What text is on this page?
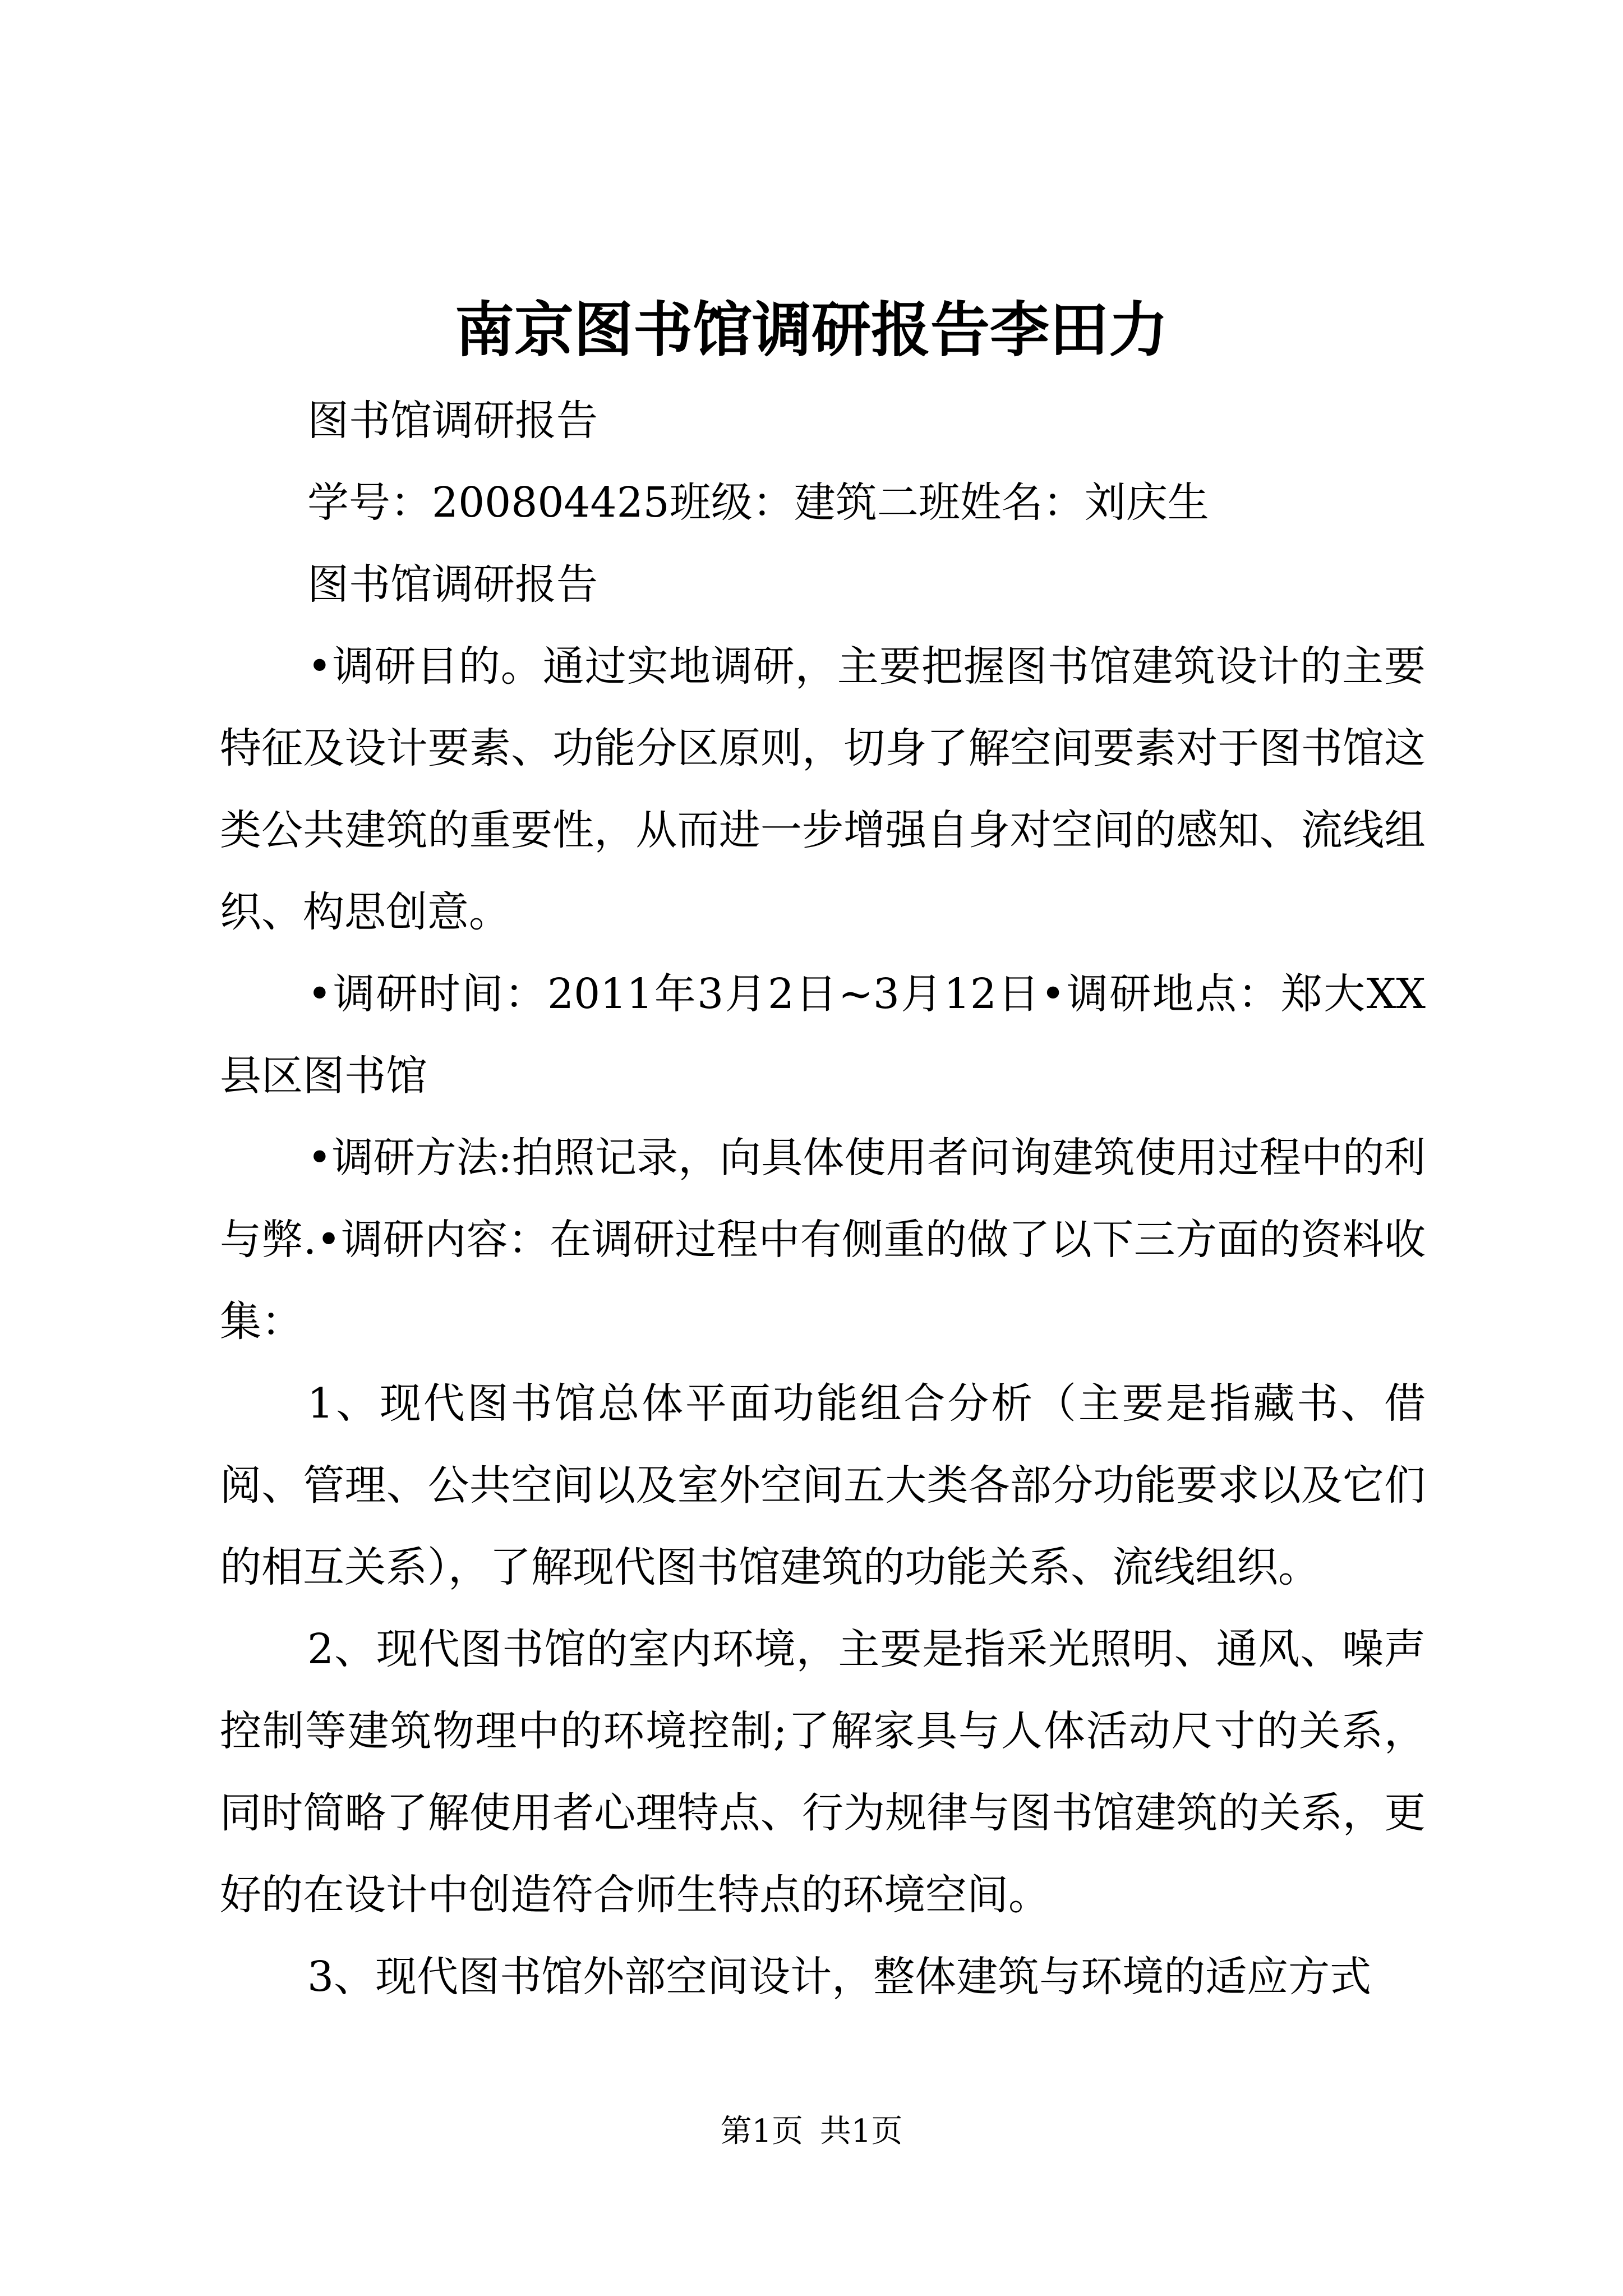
南京图书馆调研报告李田力

图书馆调研报告

学号：200804425班级：建筑二班姓名：刘庆生

图书馆调研报告

•调研目的。通过实地调研，主要把握图书馆建筑设计的主要特征及设计要素、功能分区原则，切身了解空间要素对于图书馆这类公共建筑的重要性，从而进一步增强自身对空间的感知、流线组织、构思创意。

•调研时间：2011年3月2日~3月12日•调研地点：郑大XX县区图书馆

•调研方法:拍照记录，向具体使用者问询建筑使用过程中的利与弊.•调研内容：在调研过程中有侧重的做了以下三方面的资料收集：

1、现代图书馆总体平面功能组合分析（主要是指藏书、借阅、管理、公共空间以及室外空间五大类各部分功能要求以及它们的相互关系），了解现代图书馆建筑的功能关系、流线组织。

2、现代图书馆的室内环境，主要是指采光照明、通风、噪声控制等建筑物理中的环境控制;了解家具与人体活动尺寸的关系，同时简略了解使用者心理特点、行为规律与图书馆建筑的关系，更好的在设计中创造符合师生特点的环境空间。

3、现代图书馆外部空间设计，整体建筑与环境的适应方式

第1页 共1页
